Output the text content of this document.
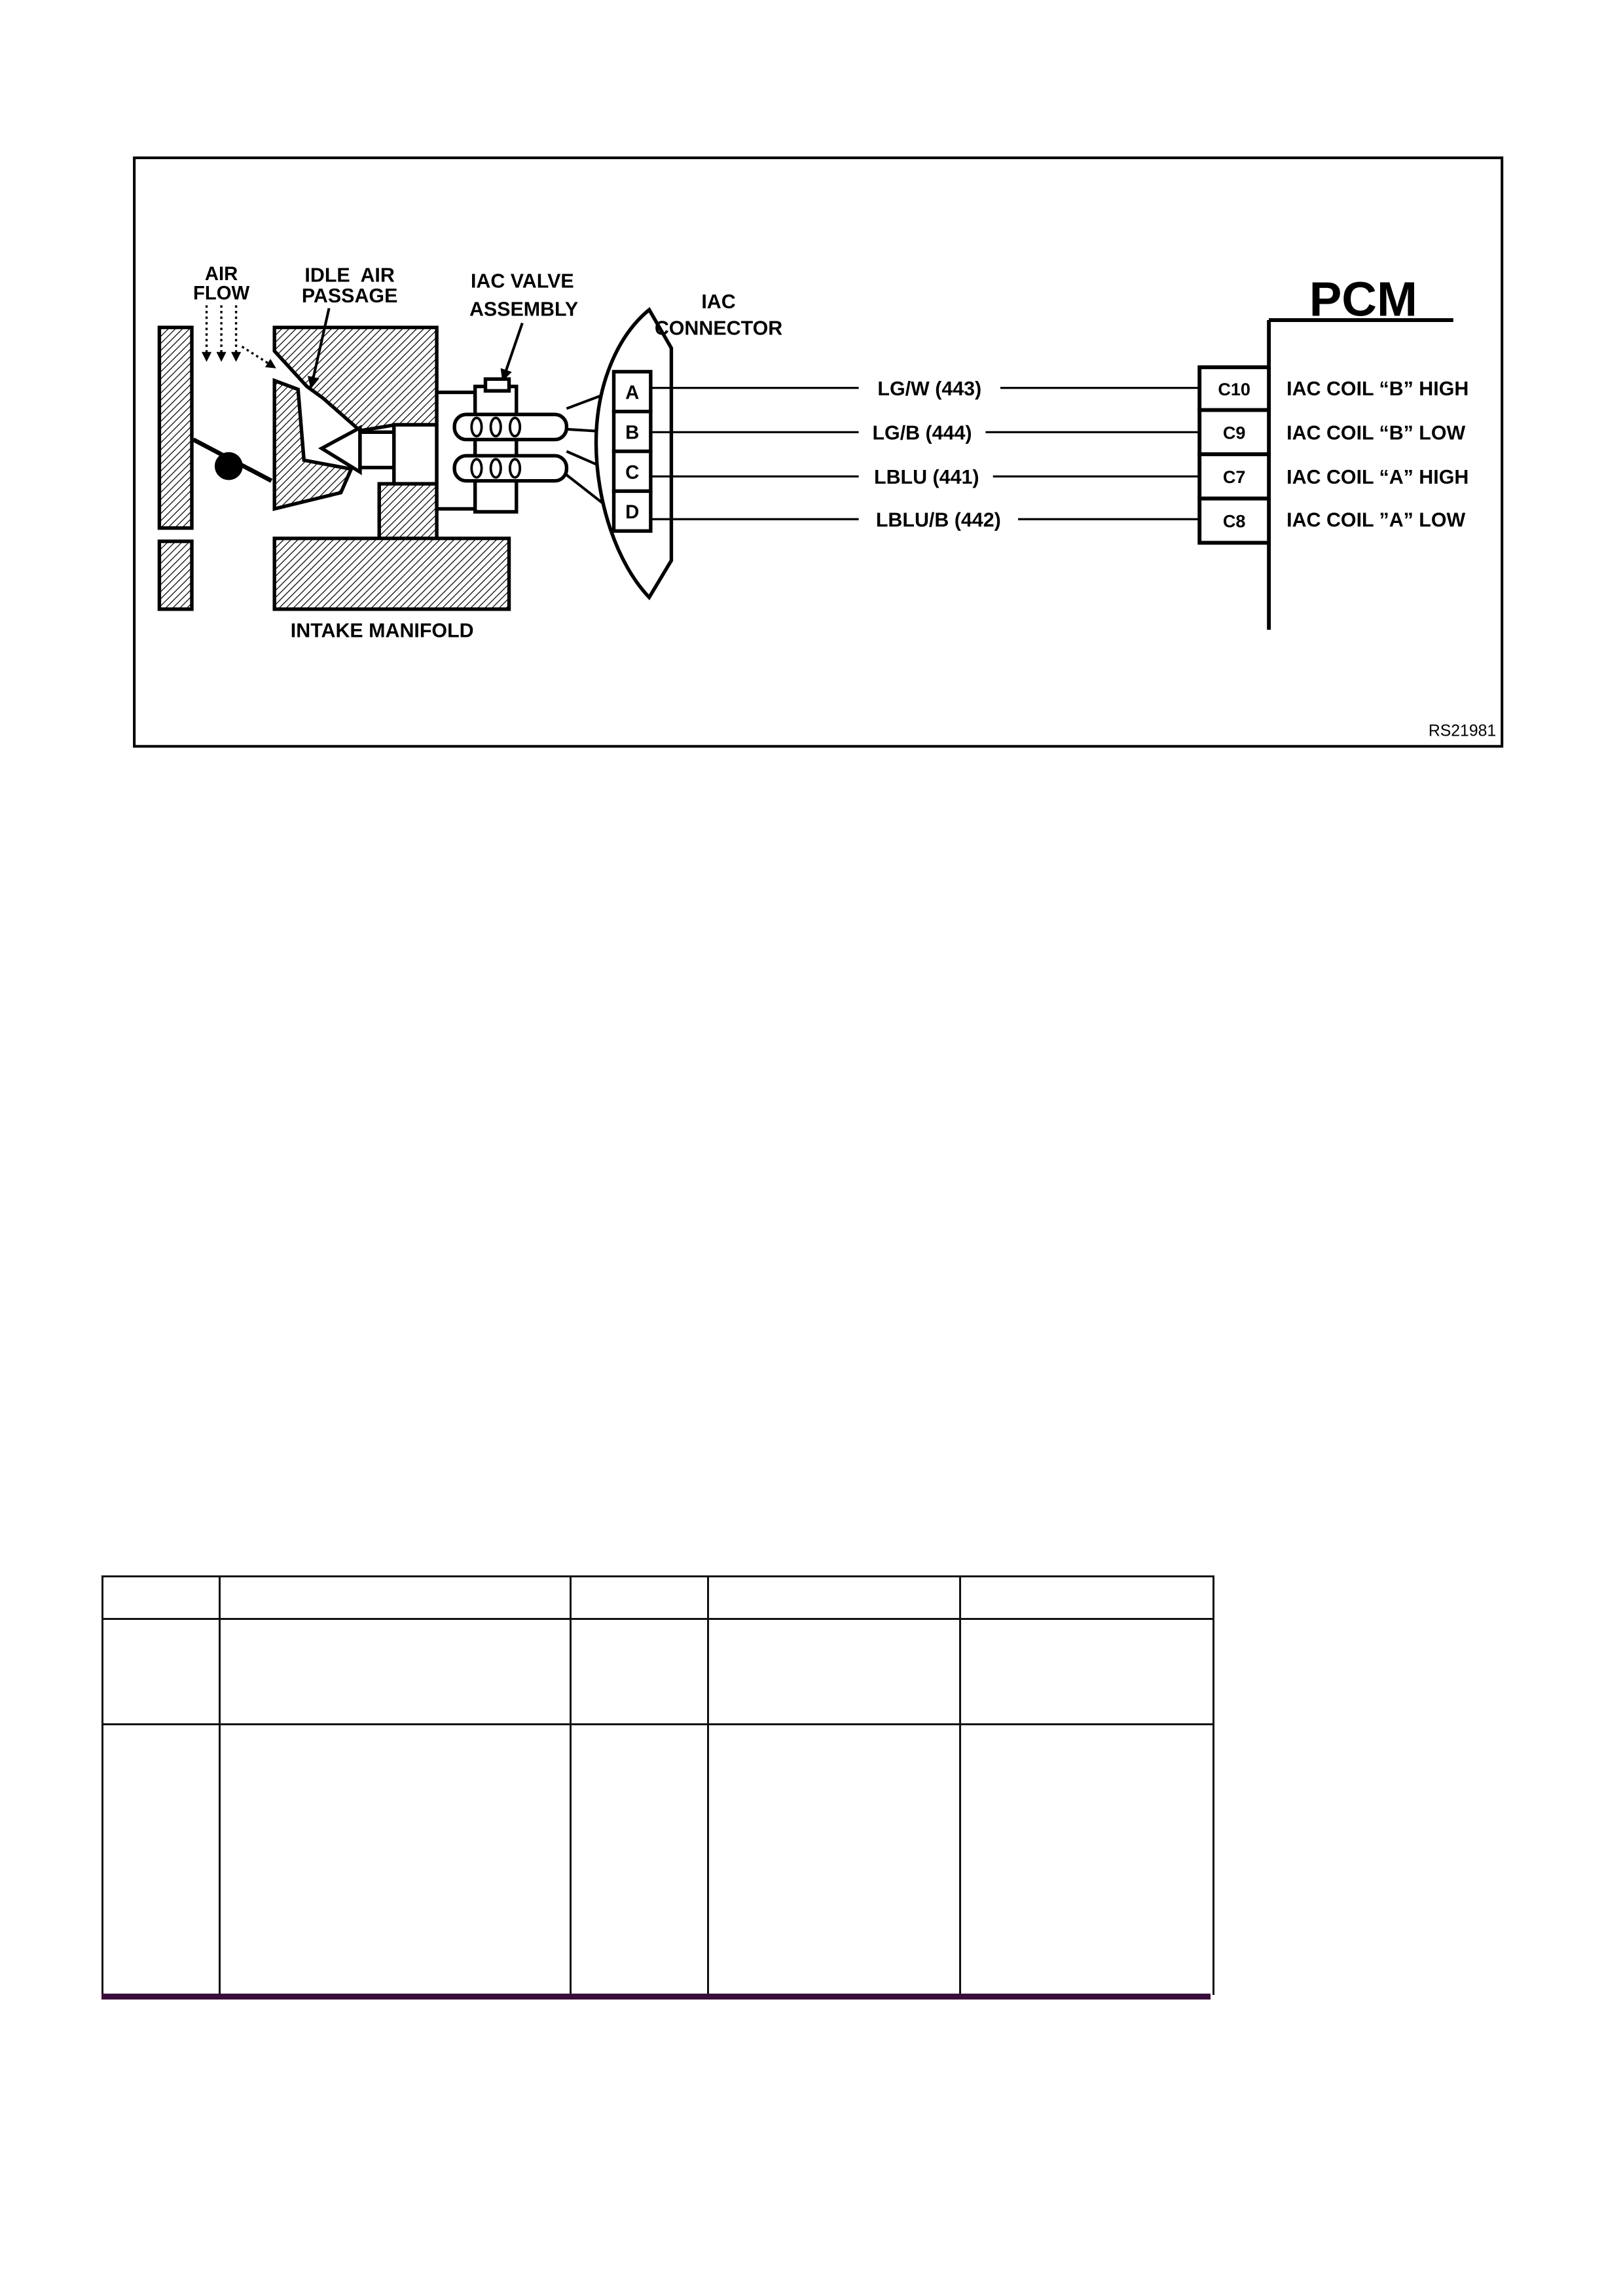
A
B
C
D
LG/W (443)
LG/B (444)
LBLU (441)
LBLU/B (442)
PCM
C10
C9
C7
C8
IAC COIL “B” HIGH
IAC COIL “B” LOW
IAC COIL “A” HIGH
IAC COIL ”A” LOW
AIR
FLOW
IDLE  AIR
PASSAGE
IAC VALVE
ASSEMBLY	IAC
CONNECTOR
INTAKE MANIFOLD
RS21981
